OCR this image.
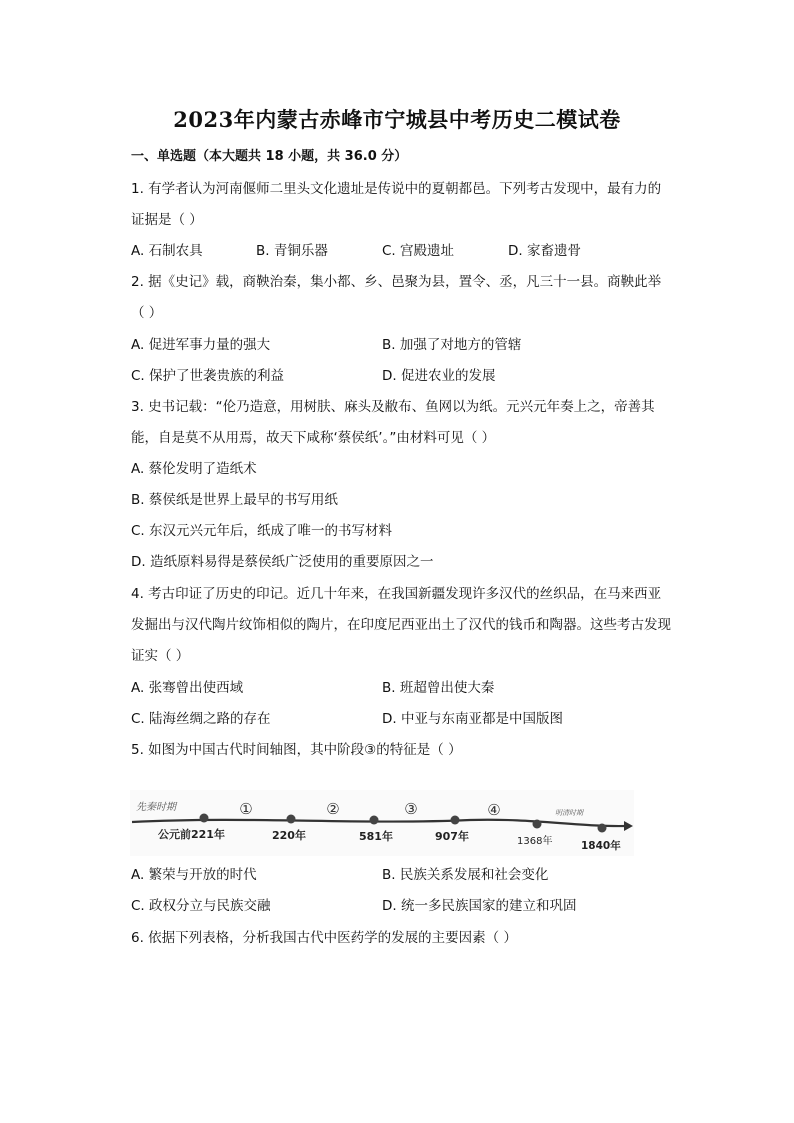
2023年内蒙古赤峰市宁城县中考历史二模试卷
一、单选题（本大题共 18 小题，共 36.0 分）
1. 有学者认为河南偃师二里头文化遗址是传说中的夏朝都邑。下列考古发现中，最有力的
证据是（ ）
A. 石制农具	B. 青铜乐器	C. 宫殿遗址	D. 家畜遗骨
2. 据《史记》载，商鞅治秦，集小都、乡、邑聚为县，置令、丞，凡三十一县。商鞅此举
（ ）
A. 促进军事力量的强大	B. 加强了对地方的管辖
C. 保护了世袭贵族的利益	D. 促进农业的发展
3. 史书记载：“伦乃造意，用树肤、麻头及敝布、鱼网以为纸。元兴元年奏上之，帝善其
能，自是莫不从用焉，故天下咸称‘蔡侯纸’。”由材料可见（ ）
A. 蔡伦发明了造纸术
B. 蔡侯纸是世界上最早的书写用纸
C. 东汉元兴元年后，纸成了唯一的书写材料
D. 造纸原料易得是蔡侯纸广泛使用的重要原因之一
4. 考古印证了历史的印记。近几十年来，在我国新疆发现许多汉代的丝织品，在马来西亚
发掘出与汉代陶片纹饰相似的陶片，在印度尼西亚出土了汉代的钱币和陶器。这些考古发现
证实（ ）
A. 张骞曾出使西域	B. 班超曾出使大秦
C. 陆海丝绸之路的存在	D. 中亚与东南亚都是中国版图
5. 如图为中国古代时间轴图，其中阶段③的特征是（ ）
先秦时期	明清时期
①	②	③	④
公元前221年	220年	581年	907年	1368年	1840年
A. 繁荣与开放的时代	B. 民族关系发展和社会变化
C. 政权分立与民族交融	D. 统一多民族国家的建立和巩固
6. 依据下列表格，分析我国古代中医药学的发展的主要因素（ ）
